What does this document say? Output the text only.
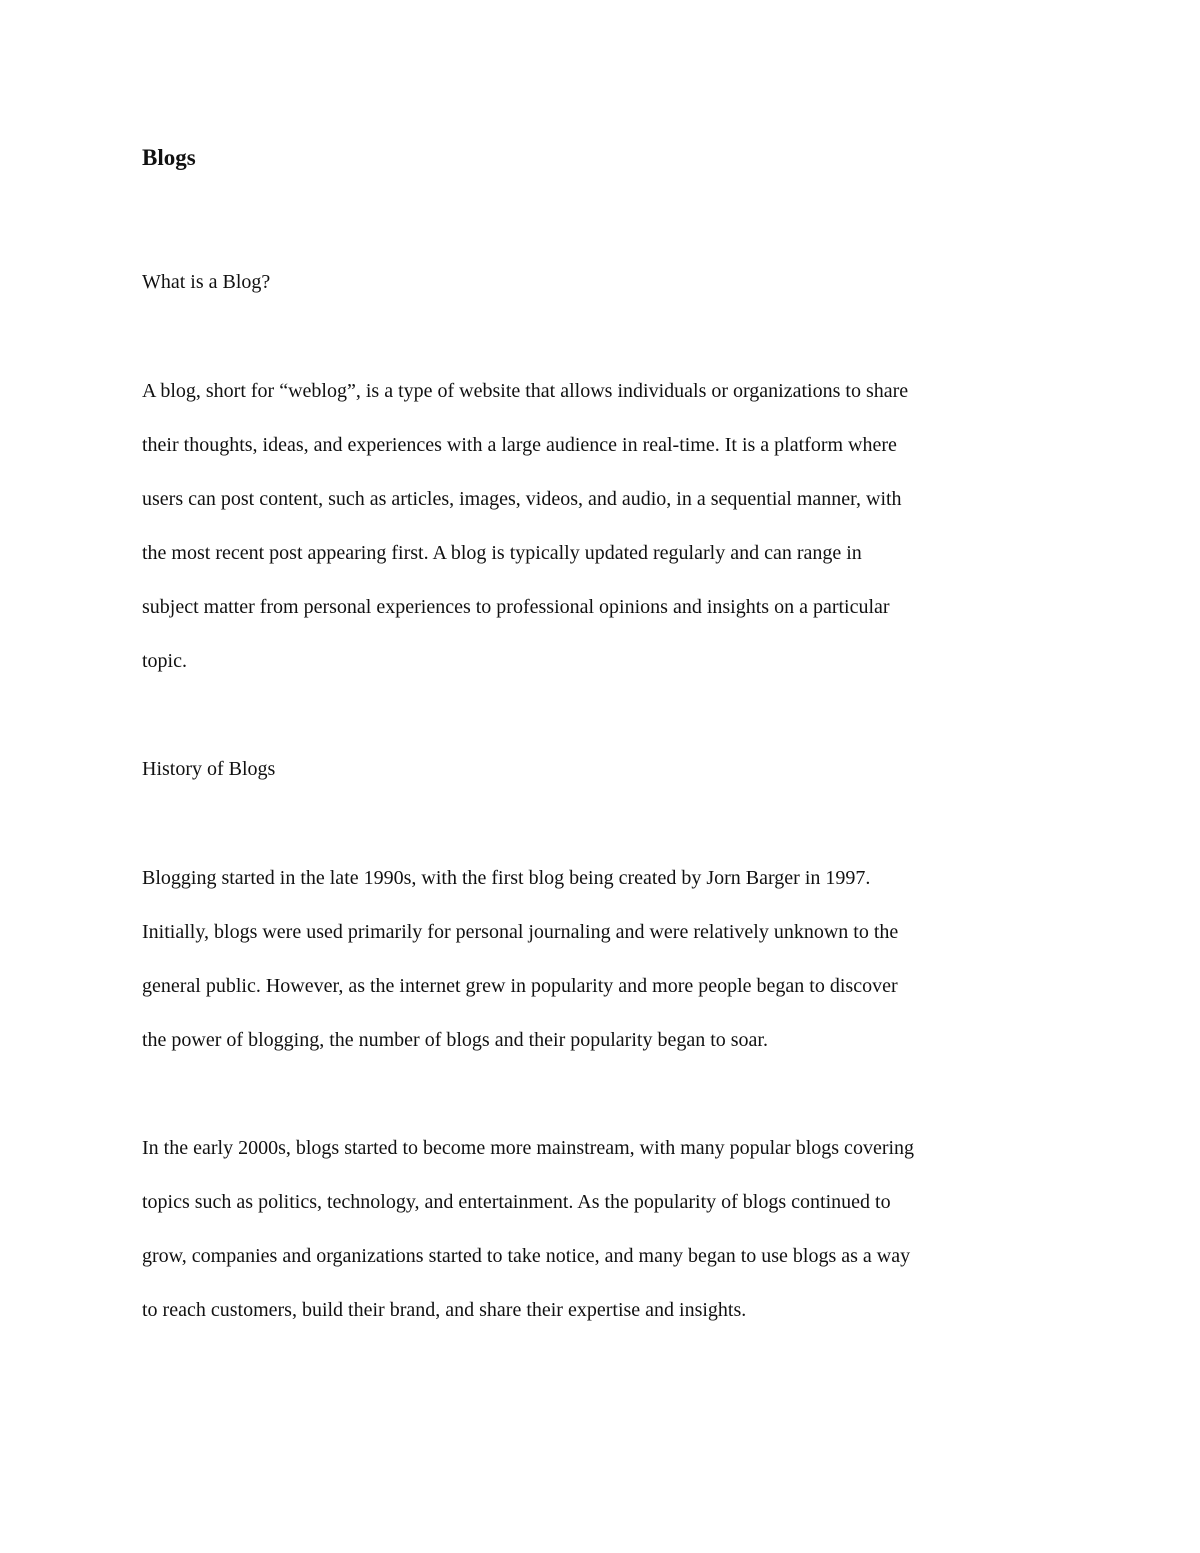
Blogs
What is a Blog?

A blog, short for “weblog”, is a type of website that allows individuals or organizations to share
their thoughts, ideas, and experiences with a large audience in real-time. It is a platform where
users can post content, such as articles, images, videos, and audio, in a sequential manner, with
the most recent post appearing first. A blog is typically updated regularly and can range in
subject matter from personal experiences to professional opinions and insights on a particular
topic.

History of Blogs

Blogging started in the late 1990s, with the first blog being created by Jorn Barger in 1997.
Initially, blogs were used primarily for personal journaling and were relatively unknown to the
general public. However, as the internet grew in popularity and more people began to discover
the power of blogging, the number of blogs and their popularity began to soar.

In the early 2000s, blogs started to become more mainstream, with many popular blogs covering
topics such as politics, technology, and entertainment. As the popularity of blogs continued to
grow, companies and organizations started to take notice, and many began to use blogs as a way
to reach customers, build their brand, and share their expertise and insights.
